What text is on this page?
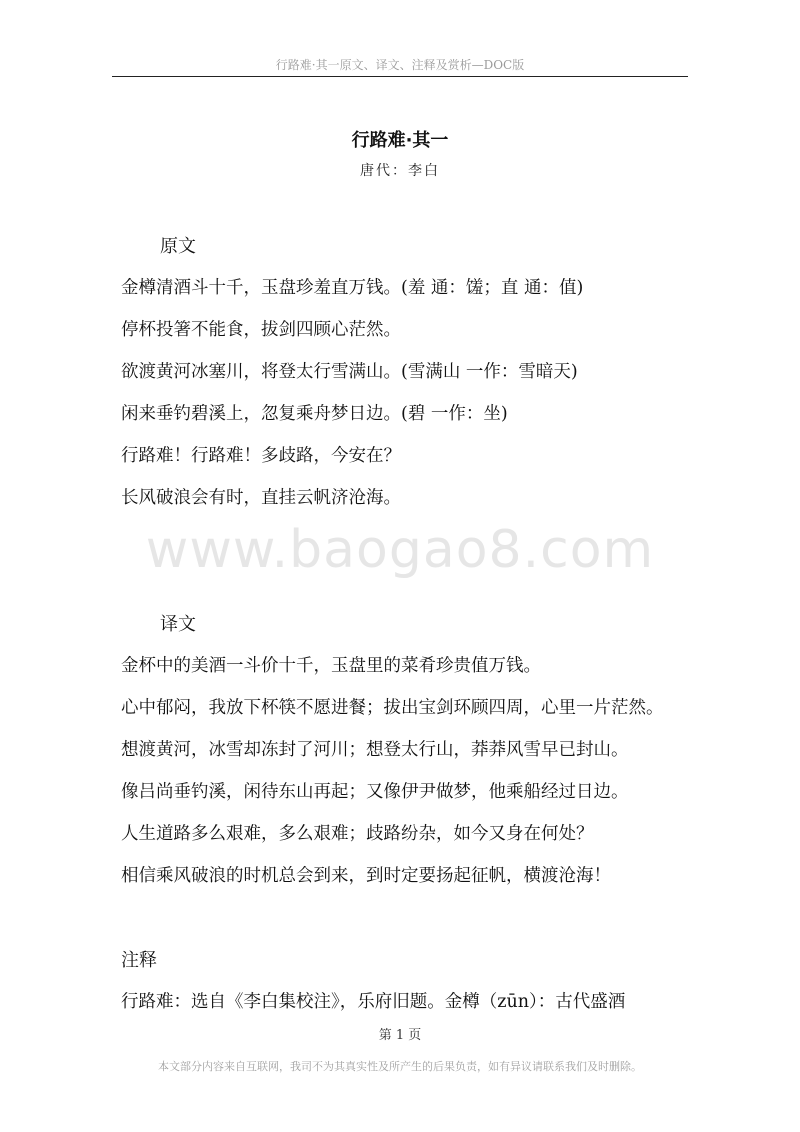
行路难·其一原文、译文、注释及赏析—DOC版
行路难·其一
唐代：李白
原文
金樽清酒斗十千，玉盘珍羞直万钱。(羞 通：馐；直 通：值)
停杯投箸不能食，拔剑四顾心茫然。
欲渡黄河冰塞川，将登太行雪满山。(雪满山 一作：雪暗天)
闲来垂钓碧溪上，忽复乘舟梦日边。(碧 一作：坐)
行路难！行路难！多歧路，今安在？
长风破浪会有时，直挂云帆济沧海。
www.baogao8.com
译文
金杯中的美酒一斗价十千，玉盘里的菜肴珍贵值万钱。
心中郁闷，我放下杯筷不愿进餐；拔出宝剑环顾四周，心里一片茫然。
想渡黄河，冰雪却冻封了河川；想登太行山，莽莽风雪早已封山。
像吕尚垂钓溪，闲待东山再起；又像伊尹做梦，他乘船经过日边。
人生道路多么艰难，多么艰难；歧路纷杂，如今又身在何处？
相信乘风破浪的时机总会到来，到时定要扬起征帆，横渡沧海！
注释
行路难：选自《李白集校注》，乐府旧题。金樽（zūn）：古代盛酒
第 1 页
本文部分内容来自互联网，我司不为其真实性及所产生的后果负责，如有异议请联系我们及时删除。
